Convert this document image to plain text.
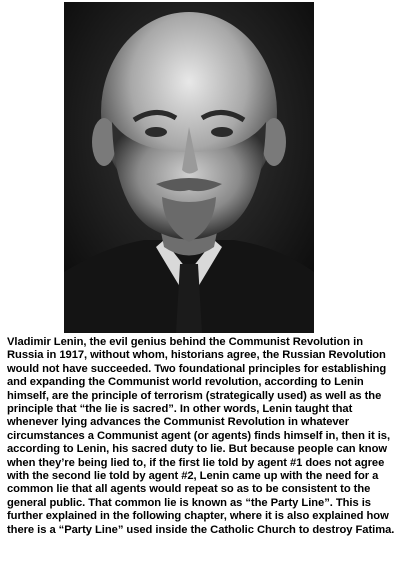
Vladimir Lenin, the evil genius behind the Communist Revolution in Russia in 1917, without whom, historians agree, the Russian Revolution would not have succeeded. Two foundational principles for establishing and expanding the Communist world revolution, according to Lenin himself, are the principle of terrorism (strategically used) as well as the principle that “the lie is sacred”. In other words, Lenin taught that whenever lying advances the Communist Revolution in whatever circumstances a Communist agent (or agents) finds himself in, then it is, according to Lenin, his sacred duty to lie. But because people can know when they’re being lied to, if the first lie told by agent #1 does not agree with the second lie told by agent #2, Lenin came up with the need for a common lie that all agents would repeat so as to be consistent to the general public. That common lie is known as “the Party Line”. This is further explained in the following chapter, where it is also explained how there is a “Party Line” used inside the Catholic Church to destroy Fatima.
